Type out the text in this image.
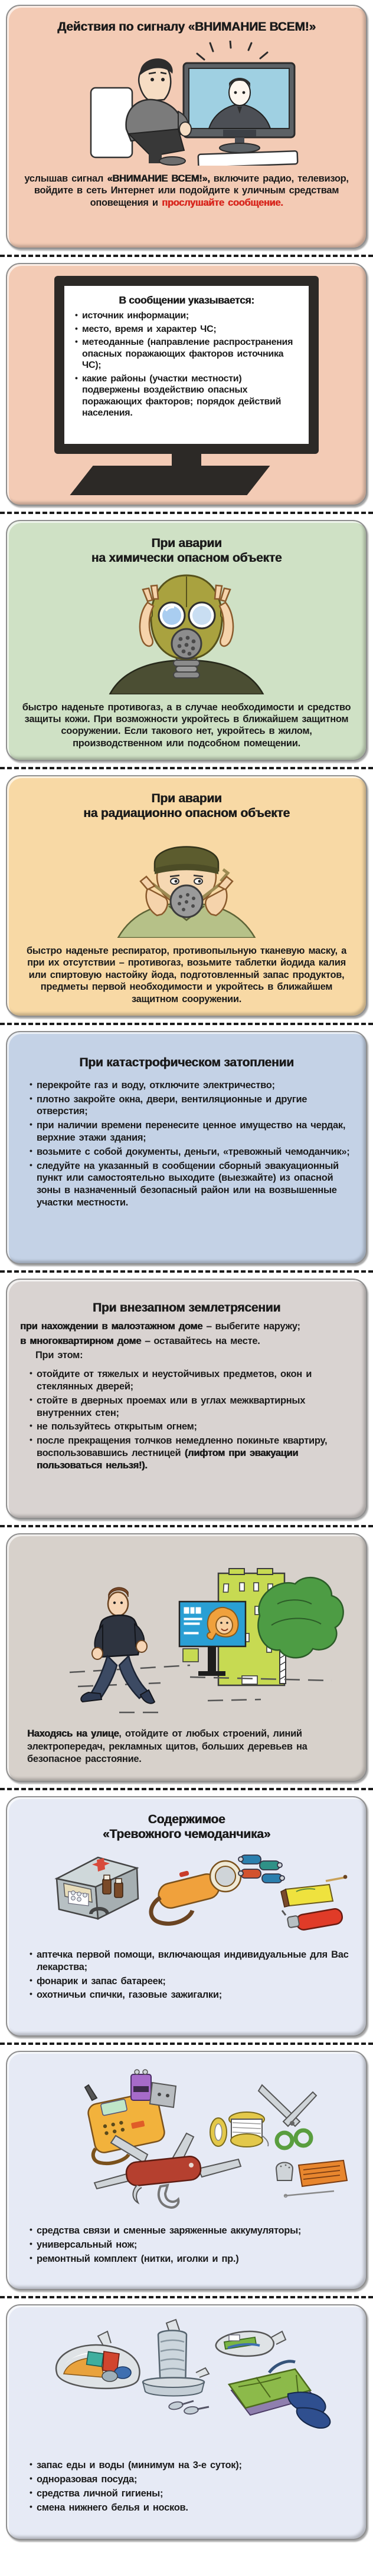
Действия по сигналу «ВНИМАНИЕ ВСЕМ!»

услышав сигнал «ВНИМАНИЕ ВСЕМ!», включите радио, телевизор, войдите в сеть Интернет или подойдите к уличным средствам оповещения и прослушайте сообщение.

В сообщении указывается:
• источник информации;
• место, время и характер ЧС;
• метеоданные (направление распространения опасных поражающих факторов источника ЧС);
• какие районы (участки местности) подвержены воздействию опасных поражающих факторов; порядок действий населения.
При аварии
на химически опасном объекте

быстро наденьте противогаз, а в случае необходимости и средство защиты кожи. При возможности укройтесь в ближайшем защитном сооружении. Если такового нет, укройтесь в жилом, производственном или подсобном помещении.

При аварии
на радиационно опасном объекте

быстро наденьте респиратор, противопыльную тканевую маску, а при их отсутствии – противогаз, возьмите таблетки йодида калия или спиртовую настойку йода, подготовленный запас продуктов, предметы первой необходимости и укройтесь в ближайшем защитном сооружении.

При катастрофическом затоплении
• перекройте газ и воду, отключите электричество;
• плотно закройте окна, двери, вентиляционные и другие отверстия;
• при наличии времени перенесите ценное имущество на чердак, верхние этажи здания;
• возьмите с собой документы, деньги, «тревожный чемоданчик»;
• следуйте на указанный в сообщении сборный эвакуационный пункт или самостоятельно выходите (выезжайте) из опасной зоны в назначенный безопасный район или на возвышенные участки местности.
При внезапном землетрясении

при нахождении в малоэтажном доме – выбегите наружу;

в многоквартирном доме – оставайтесь на месте.

При этом:

• отойдите от тяжелых и неустойчивых предметов, окон и стеклянных дверей;
• стойте в дверных проемах или в углах межквартирных внутренних стен;
• не пользуйтесь открытым огнем;
• после прекращения толчков немедленно покиньте квартиру, воспользовавшись лестницей (лифтом при эвакуации пользоваться нельзя!).

Находясь на улице, отойдите от любых строений, линий электропередач, рекламных щитов, больших деревьев на безопасное расстояние.

Содержимое
«Тревожного чемоданчика»
• аптечка первой помощи, включающая индивидуальные для Вас лекарства;
• фонарик и запас батареек;
• охотничьи спички, газовые зажигалки;
• средства связи и сменные заряженные аккумуляторы;
• универсальный нож;
• ремонтный комплект (нитки, иголки и пр.)
• запас еды и воды (минимум на 3-е суток);
• одноразовая посуда;
• средства личной гигиены;
• смена нижнего белья и носков.
